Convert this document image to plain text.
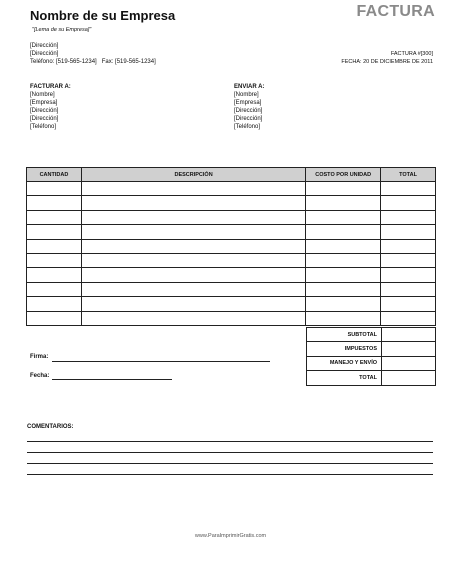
Nombre de su Empresa
"[Lema de su Empresa]"
[Dirección]
[Dirección]
Teléfono: [519-565-1234]   Fax: [519-565-1234]
FACTURA
FACTURA #[300]
FECHA: 20 DE DICIEMBRE DE 2011
FACTURAR A:
[Nombre]
[Empresa]
[Dirección]
[Dirección]
[Teléfono]
ENVIAR A:
[Nombre]
[Empresa]
[Dirección]
[Dirección]
[Teléfono]
CANTIDAD	DESCRIPCIÓN	COSTO POR UNIDAD	TOTAL

SUBTOTAL	
IMPUESTOS	
MANEJO Y ENVÍO	
TOTAL	
Firma:
Fecha:
COMENTARIOS:
www.ParaImprimirGratis.com
